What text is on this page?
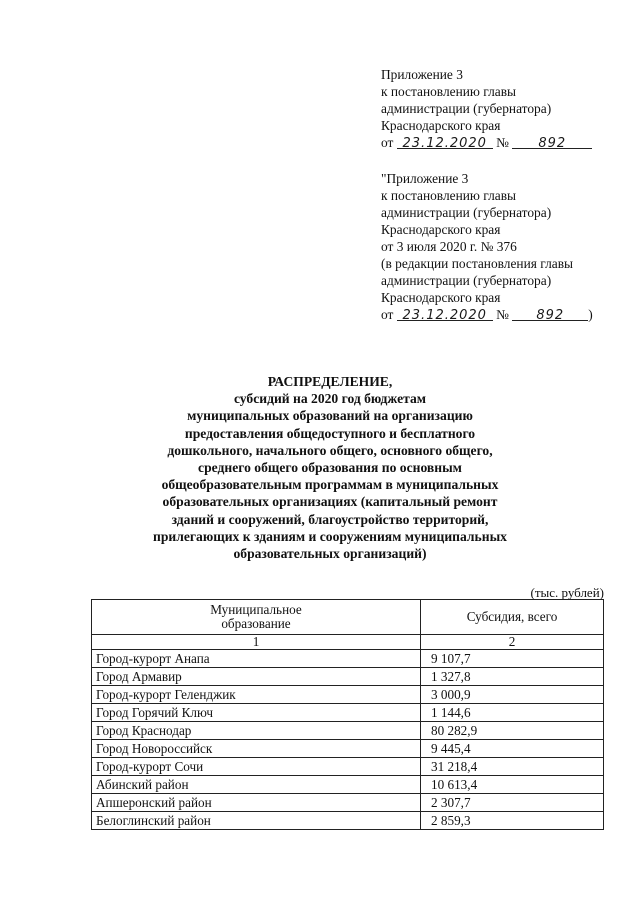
Приложение 3
к постановлению главы
администрации (губернатора)
Краснодарского края
от 23.12.2020 № 892
"Приложение 3
к постановлению главы
администрации (губернатора)
Краснодарского края
от 3 июля 2020 г. № 376
(в редакции постановления главы
администрации (губернатора)
Краснодарского края
от 23.12.2020 № 892 )
РАСПРЕДЕЛЕНИЕ,
субсидий на 2020 год бюджетам
муниципальных образований на организацию
предоставления общедоступного и бесплатного
дошкольного, начального общего, основного общего,
среднего общего образования по основным
общеобразовательным программам в муниципальных
образовательных организациях (капитальный ремонт
зданий и сооружений, благоустройство территорий,
прилегающих к зданиям и сооружениям муниципальных
образовательных организаций)
(тыс. рублей)
Муниципальное
образование	Субсидия, всего
1	2
Город-курорт Анапа	9 107,7
Город Армавир	1 327,8
Город-курорт Геленджик	3 000,9
Город Горячий Ключ	1 144,6
Город Краснодар	80 282,9
Город Новороссийск	9 445,4
Город-курорт Сочи	31 218,4
Абинский район	10 613,4
Апшеронский район	2 307,7
Белоглинский район	2 859,3
